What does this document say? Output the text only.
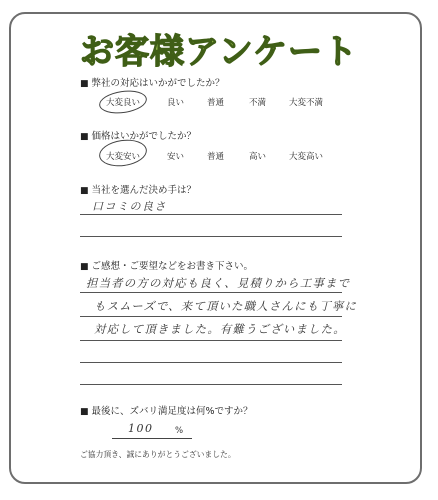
お客様アンケート
■ 弊社の対応はいかがでしたか？
大変良い	良い	普通	不満	大変不満
■ 価格はいかがでしたか？
大変安い	安い	普通	高い	大変高い
■ 当社を選んだ決め手は？
口コミの良さ
■ ご感想・ご要望などをお書き下さい。
担当者の方の対応も良く、見積りから工事まで
もスムーズで、来て頂いた職人さんにも丁寧に
対応して頂きました。有難うございました。
■ 最後に、ズバリ満足度は何%ですか？
100	%
ご協力頂き、誠にありがとうございました。
